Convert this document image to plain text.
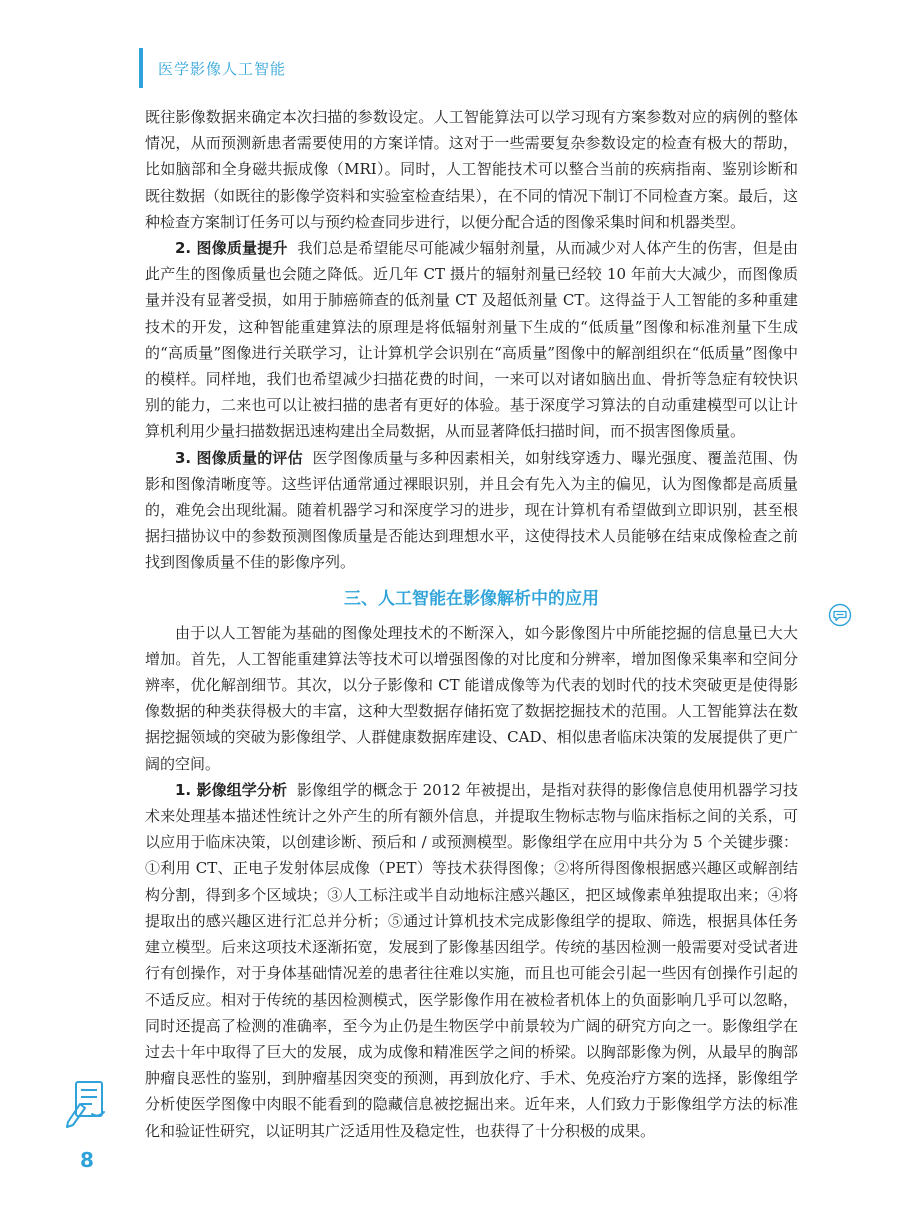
医学影像人工智能

既往影像数据来确定本次扫描的参数设定。人工智能算法可以学习现有方案参数对应的病例的整体情况，从而预测新患者需要使用的方案详情。这对于一些需要复杂参数设定的检查有极大的帮助，比如脑部和全身磁共振成像（MRI）。同时，人工智能技术可以整合当前的疾病指南、鉴别诊断和既往数据（如既往的影像学资料和实验室检查结果），在不同的情况下制订不同检查方案。最后，这种检查方案制订任务可以与预约检查同步进行，以便分配合适的图像采集时间和机器类型。

2. 图像质量提升 我们总是希望能尽可能减少辐射剂量，从而减少对人体产生的伤害，但是由此产生的图像质量也会随之降低。近几年 CT 摄片的辐射剂量已经较 10 年前大大减少，而图像质量并没有显著受损，如用于肺癌筛查的低剂量 CT 及超低剂量 CT。这得益于人工智能的多种重建技术的开发，这种智能重建算法的原理是将低辐射剂量下生成的“低质量”图像和标准剂量下生成的“高质量”图像进行关联学习，让计算机学会识别在“高质量”图像中的解剖组织在“低质量”图像中的模样。同样地，我们也希望减少扫描花费的时间，一来可以对诸如脑出血、骨折等急症有较快识别的能力，二来也可以让被扫描的患者有更好的体验。基于深度学习算法的自动重建模型可以让计算机利用少量扫描数据迅速构建出全局数据，从而显著降低扫描时间，而不损害图像质量。

3. 图像质量的评估 医学图像质量与多种因素相关，如射线穿透力、曝光强度、覆盖范围、伪影和图像清晰度等。这些评估通常通过裸眼识别，并且会有先入为主的偏见，认为图像都是高质量的，难免会出现纰漏。随着机器学习和深度学习的进步，现在计算机有希望做到立即识别，甚至根据扫描协议中的参数预测图像质量是否能达到理想水平，这使得技术人员能够在结束成像检查之前找到图像质量不佳的影像序列。

三、人工智能在影像解析中的应用

由于以人工智能为基础的图像处理技术的不断深入，如今影像图片中所能挖掘的信息量已大大增加。首先，人工智能重建算法等技术可以增强图像的对比度和分辨率，增加图像采集率和空间分辨率，优化解剖细节。其次，以分子影像和 CT 能谱成像等为代表的划时代的技术突破更是使得影像数据的种类获得极大的丰富，这种大型数据存储拓宽了数据挖掘技术的范围。人工智能算法在数据挖掘领域的突破为影像组学、人群健康数据库建设、CAD、相似患者临床决策的发展提供了更广阔的空间。

1. 影像组学分析 影像组学的概念于 2012 年被提出，是指对获得的影像信息使用机器学习技术来处理基本描述性统计之外产生的所有额外信息，并提取生物标志物与临床指标之间的关系，可以应用于临床决策，以创建诊断、预后和 / 或预测模型。影像组学在应用中共分为 5 个关键步骤：①利用 CT、正电子发射体层成像（PET）等技术获得图像；②将所得图像根据感兴趣区或解剖结构分割，得到多个区域块；③人工标注或半自动地标注感兴趣区，把区域像素单独提取出来；④将提取出的感兴趣区进行汇总并分析；⑤通过计算机技术完成影像组学的提取、筛选，根据具体任务建立模型。后来这项技术逐渐拓宽，发展到了影像基因组学。传统的基因检测一般需要对受试者进行有创操作，对于身体基础情况差的患者往往难以实施，而且也可能会引起一些因有创操作引起的不适反应。相对于传统的基因检测模式，医学影像作用在被检者机体上的负面影响几乎可以忽略，同时还提高了检测的准确率，至今为止仍是生物医学中前景较为广阔的研究方向之一。影像组学在过去十年中取得了巨大的发展，成为成像和精准医学之间的桥梁。以胸部影像为例，从最早的胸部肿瘤良恶性的鉴别，到肿瘤基因突变的预测，再到放化疗、手术、免疫治疗方案的选择，影像组学分析使医学图像中肉眼不能看到的隐藏信息被挖掘出来。近年来，人们致力于影像组学方法的标准化和验证性研究，以证明其广泛适用性及稳定性，也获得了十分积极的成果。

8
